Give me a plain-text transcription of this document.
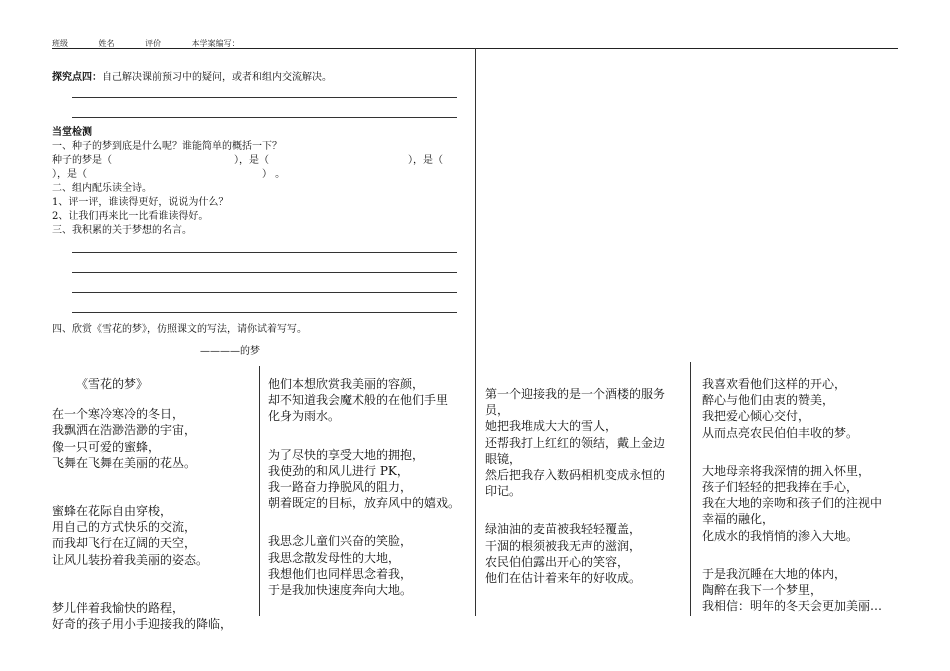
班级	姓名	评价	本学案编写：
探究点四：自己解决课前预习中的疑问，或者和组内交流解决。
当堂检测
一、种子的梦到底是什么呢？谁能简单的概括一下？
种子的梦是（	），是（	），是（
），是（	） 。
二、组内配乐读全诗。
1、评一评，谁读得更好，说说为什么？
2、让我们再来比一比看谁读得好。
三、我积累的关于梦想的名言。
四、欣赏《雪花的梦》，仿照课文的写法，请你试着写写。
————的梦

《雪花的梦》

在一个寒冷寒冷的冬日，

我飘洒在浩渺浩渺的宇宙，

像一只可爱的蜜蜂，

飞舞在飞舞在美丽的花丛。

蜜蜂在花际自由穿梭，

用自己的方式快乐的交流，

而我却飞行在辽阔的天空，

让风儿装扮着我美丽的姿态。

梦儿伴着我愉快的路程，

好奇的孩子用小手迎接我的降临，

他们本想欣赏我美丽的容颜，

却不知道我会魔术般的在他们手里

化身为雨水。

为了尽快的享受大地的拥抱，

我使劲的和风儿进行 PK，

我一路奋力挣脱风的阻力，

朝着既定的目标，放弃风中的嬉戏。

我思念儿童们兴奋的笑脸，

我思念散发母性的大地，

我想他们也同样思念着我，

于是我加快速度奔向大地。

第一个迎接我的是一个酒楼的服务

员，

她把我堆成大大的雪人，

还帮我打上红红的领结，戴上金边

眼镜，

然后把我存入数码相机变成永恒的

印记。

绿油油的麦苗被我轻轻覆盖，

干涸的根须被我无声的滋润，

农民伯伯露出开心的笑容，

他们在估计着来年的好收成。

我喜欢看他们这样的开心，

醉心与他们由衷的赞美，

我把爱心倾心交付，

从而点亮农民伯伯丰收的梦。

大地母亲将我深情的拥入怀里，

孩子们轻轻的把我捧在手心，

我在大地的亲吻和孩子们的注视中

幸福的融化，

化成水的我悄悄的渗入大地。

于是我沉睡在大地的体内，

陶醉在我下一个梦里，

我相信：明年的冬天会更加美丽…
